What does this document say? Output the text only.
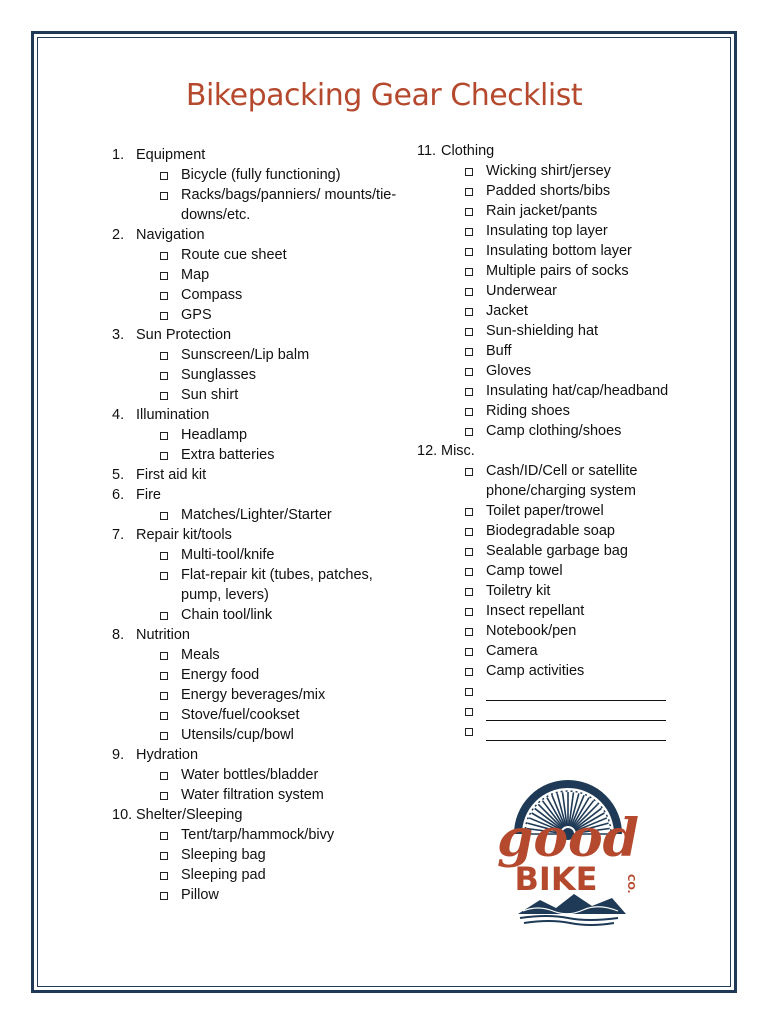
Bikepacking Gear Checklist
1. Equipment
Bicycle (fully functioning)
Racks/bags/panniers/ mounts/tie-downs/etc.
2. Navigation
Route cue sheet
Map
Compass
GPS
3. Sun Protection
Sunscreen/Lip balm
Sunglasses
Sun shirt
4. Illumination
Headlamp
Extra batteries
5. First aid kit
6. Fire
Matches/Lighter/Starter
7. Repair kit/tools
Multi-tool/knife
Flat-repair kit (tubes, patches, pump, levers)
Chain tool/link
8. Nutrition
Meals
Energy food
Energy beverages/mix
Stove/fuel/cookset
Utensils/cup/bowl
9. Hydration
Water bottles/bladder
Water filtration system
10. Shelter/Sleeping
Tent/tarp/hammock/bivy
Sleeping bag
Sleeping pad
Pillow
11. Clothing
Wicking shirt/jersey
Padded shorts/bibs
Rain jacket/pants
Insulating top layer
Insulating bottom layer
Multiple pairs of socks
Underwear
Jacket
Sun-shielding hat
Buff
Gloves
Insulating hat/cap/headband
Riding shoes
Camp clothing/shoes
12. Misc.
Cash/ID/Cell or satellite phone/charging system
Toilet paper/trowel
Biodegradable soap
Sealable garbage bag
Camp towel
Toiletry kit
Insect repellant
Notebook/pen
Camera
Camp activities
good
BIKE	CO.
